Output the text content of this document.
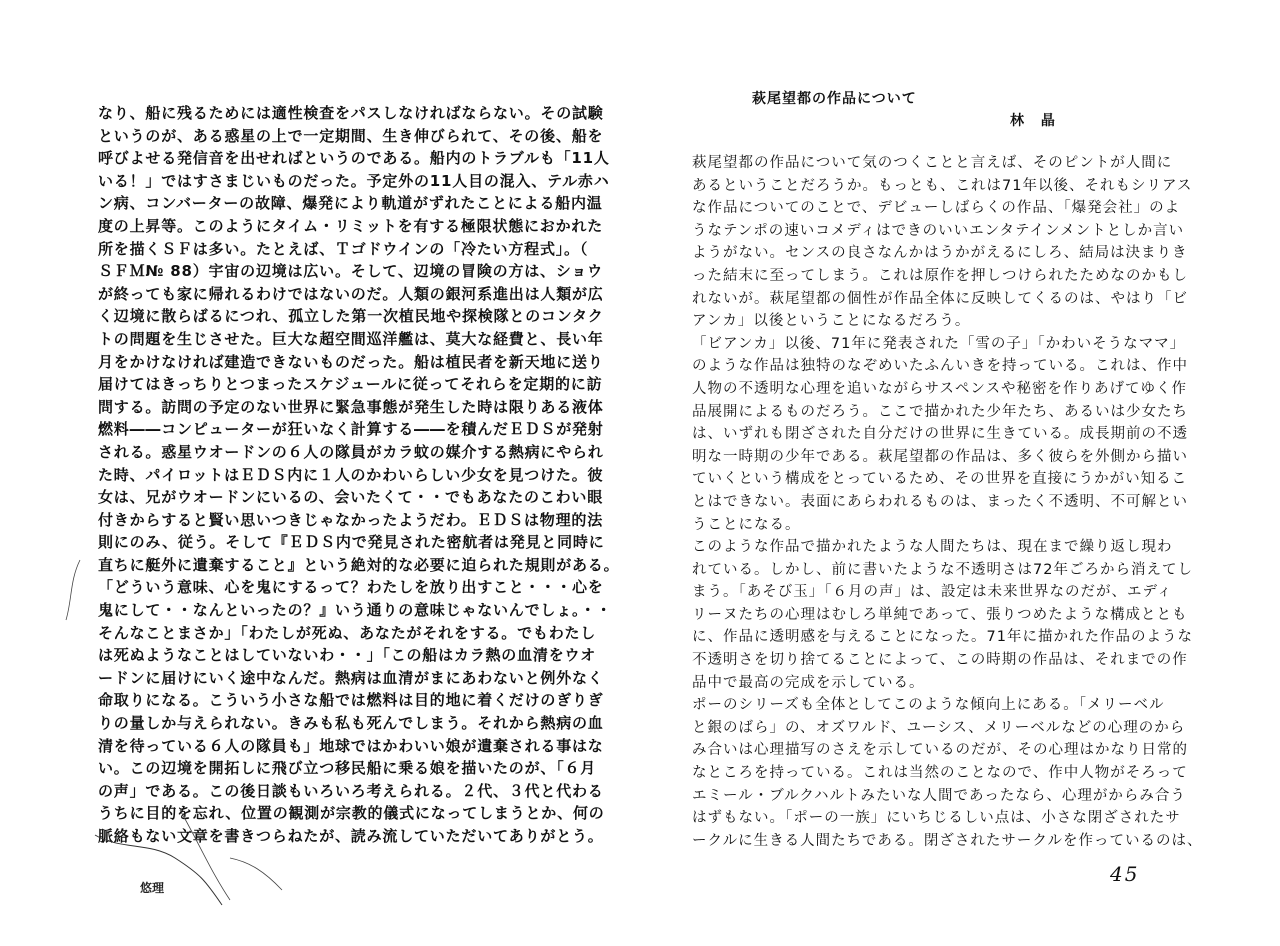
なり、船に残るためには適性検査をパスしなければならない。その試験
というのが、ある惑星の上で一定期間、生き伸びられて、その後、船を
呼びよせる発信音を出せればというのである。船内のトラブルも「11人
いる！」ではすさまじいものだった。予定外の11人目の混入、テル赤ハ
ン病、コンバーターの故障、爆発により軌道がずれたことによる船内温
度の上昇等。このようにタイム・リミットを有する極限状態におかれた
所を描くＳＦは多い。たとえば、Ｔゴドウインの「冷たい方程式」。（
ＳＦＭ№ 88）宇宙の辺境は広い。そして、辺境の冒険の方は、ショウ
が終っても家に帰れるわけではないのだ。人類の銀河系進出は人類が広
く辺境に散らばるにつれ、孤立した第一次植民地や探検隊とのコンタク
トの問題を生じさせた。巨大な超空間巡洋艦は、莫大な経費と、長い年
月をかけなければ建造できないものだった。船は植民者を新天地に送り
届けてはきっちりとつまったスケジュールに従ってそれらを定期的に訪
問する。訪問の予定のない世界に緊急事態が発生した時は限りある液体
燃料――コンピューターが狂いなく計算する――を積んだＥＤＳが発射
される。惑星ウオードンの６人の隊員がカラ蚊の媒介する熱病にやられ
た時、パイロットはＥＤＳ内に１人のかわいらしい少女を見つけた。彼
女は、兄がウオードンにいるの、会いたくて・・でもあなたのこわい眼
付きからすると賢い思いつきじゃなかったようだわ。ＥＤＳは物理的法
則にのみ、従う。そして『ＥＤＳ内で発見された密航者は発見と同時に
直ちに艇外に遺棄すること』という絶対的な必要に迫られた規則がある。
「どういう意味、心を鬼にするって？わたしを放り出すこと・・・心を
鬼にして・・なんといったの？』いう通りの意味じゃないんでしょ。・・
そんなことまさか」「わたしが死ぬ、あなたがそれをする。でもわたし
は死ぬようなことはしていないわ・・」「この船はカラ熱の血清をウオ
ードンに届けにいく途中なんだ。熱病は血清がまにあわないと例外なく
命取りになる。こういう小さな船では燃料は目的地に着くだけのぎりぎ
りの量しか与えられない。きみも私も死んでしまう。それから熱病の血
清を待っている６人の隊員も」地球ではかわいい娘が遺棄される事はな
い。この辺境を開拓しに飛び立つ移民船に乗る娘を描いたのが、「６月
の声」である。この後日談もいろいろ考えられる。２代、３代と代わる
うちに目的を忘れ、位置の観測が宗教的儀式になってしまうとか、何の
脈絡もない文章を書きつらねたが、読み流していただいてありがとう。
悠理
萩尾望都の作品について
林 晶
萩尾望都の作品について気のつくことと言えば、そのピントが人間に
あるということだろうか。もっとも、これは71年以後、それもシリアス
な作品についてのことで、デビューしばらくの作品、「爆発会社」のよ
うなテンポの速いコメディはできのいいエンタテインメントとしか言い
ようがない。センスの良さなんかはうかがえるにしろ、結局は決まりき
った結末に至ってしまう。これは原作を押しつけられたためなのかもし
れないが。萩尾望都の個性が作品全体に反映してくるのは、やはり「ビ
アンカ」以後ということになるだろう。
「ビアンカ」以後、71年に発表された「雪の子」「かわいそうなママ」
のような作品は独特のなぞめいたふんいきを持っている。これは、作中
人物の不透明な心理を追いながらサスペンスや秘密を作りあげてゆく作
品展開によるものだろう。ここで描かれた少年たち、あるいは少女たち
は、いずれも閉ざされた自分だけの世界に生きている。成長期前の不透
明な一時期の少年である。萩尾望都の作品は、多く彼らを外側から描い
ていくという構成をとっているため、その世界を直接にうかがい知るこ
とはできない。表面にあらわれるものは、まったく不透明、不可解とい
うことになる。
このような作品で描かれたような人間たちは、現在まで繰り返し現わ
れている。しかし、前に書いたような不透明さは72年ごろから消えてし
まう。「あそび玉」「６月の声」は、設定は未来世界なのだが、エディ
リーヌたちの心理はむしろ単純であって、張りつめたような構成ととも
に、作品に透明感を与えることになった。71年に描かれた作品のような
不透明さを切り捨てることによって、この時期の作品は、それまでの作
品中で最高の完成を示している。
ポーのシリーズも全体としてこのような傾向上にある。「メリーベル
と銀のばら」の、オズワルド、ユーシス、メリーベルなどの心理のから
み合いは心理描写のさえを示しているのだが、その心理はかなり日常的
なところを持っている。これは当然のことなので、作中人物がそろって
エミール・ブルクハルトみたいな人間であったなら、心理がからみ合う
はずもない。「ポーの一族」にいちじるしい点は、小さな閉ざされたサ
ークルに生きる人間たちである。閉ざされたサークルを作っているのは、
45
